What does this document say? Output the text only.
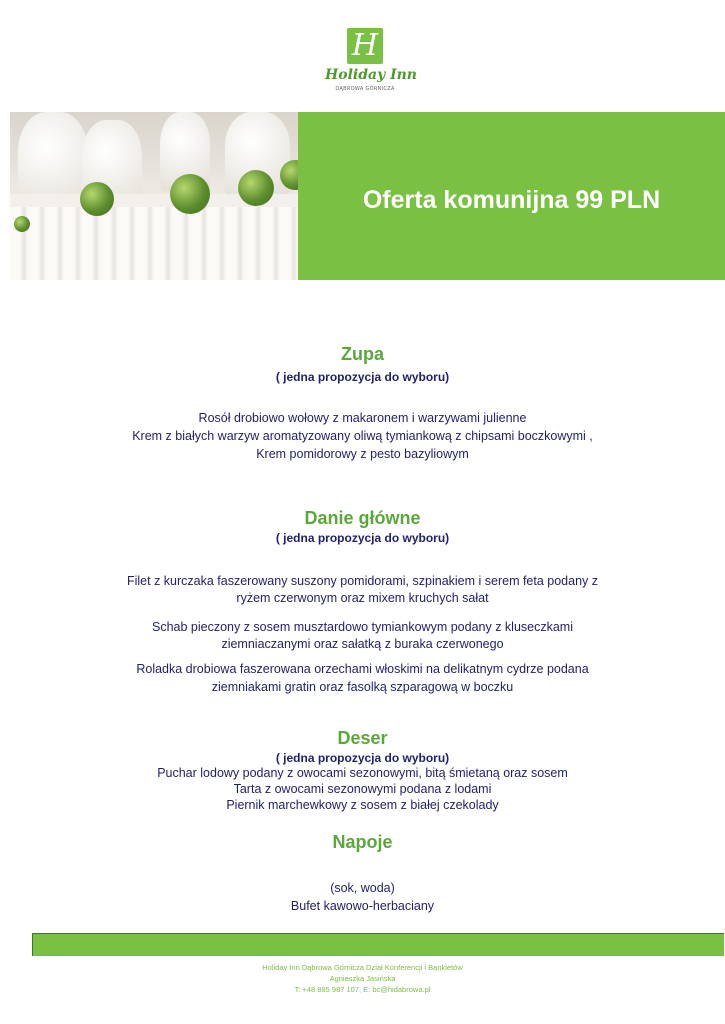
H
Holiday Inn
DĄBROWA GÓRNICZA
Oferta komunijna 99 PLN
Zupa
( jedna propozycja do wyboru)
Rosół drobiowo wołowy z makaronem i warzywami julienne
Krem z białych warzyw aromatyzowany oliwą tymiankową z chipsami boczkowymi ,
Krem pomidorowy z pesto bazyliowym
Danie główne
( jedna propozycja do wyboru)
Filet z kurczaka faszerowany suszony pomidorami, szpinakiem i serem feta podany z
ryżem czerwonym oraz mixem kruchych sałat
Schab pieczony z sosem musztardowo tymiankowym podany z kluseczkami
ziemniaczanymi oraz sałatką z buraka czerwonego
Roladka drobiowa faszerowana orzechami włoskimi na delikatnym cydrze podana
ziemniakami gratin oraz fasolką szparagową w boczku
Deser
( jedna propozycja do wyboru)
Puchar lodowy podany z owocami sezonowymi, bitą śmietaną oraz sosem
Tarta z owocami sezonowymi podana z lodami
Piernik marchewkowy z sosem z białej czekolady
Napoje
(sok, woda)
Bufet kawowo-herbaciany
Holiday Inn Dąbrowa Górnicza Dział Konferencji i Bankietów
Agnieszka Jasińska
T: +48 885 987 107, E: bc@hidabrowa.pl
